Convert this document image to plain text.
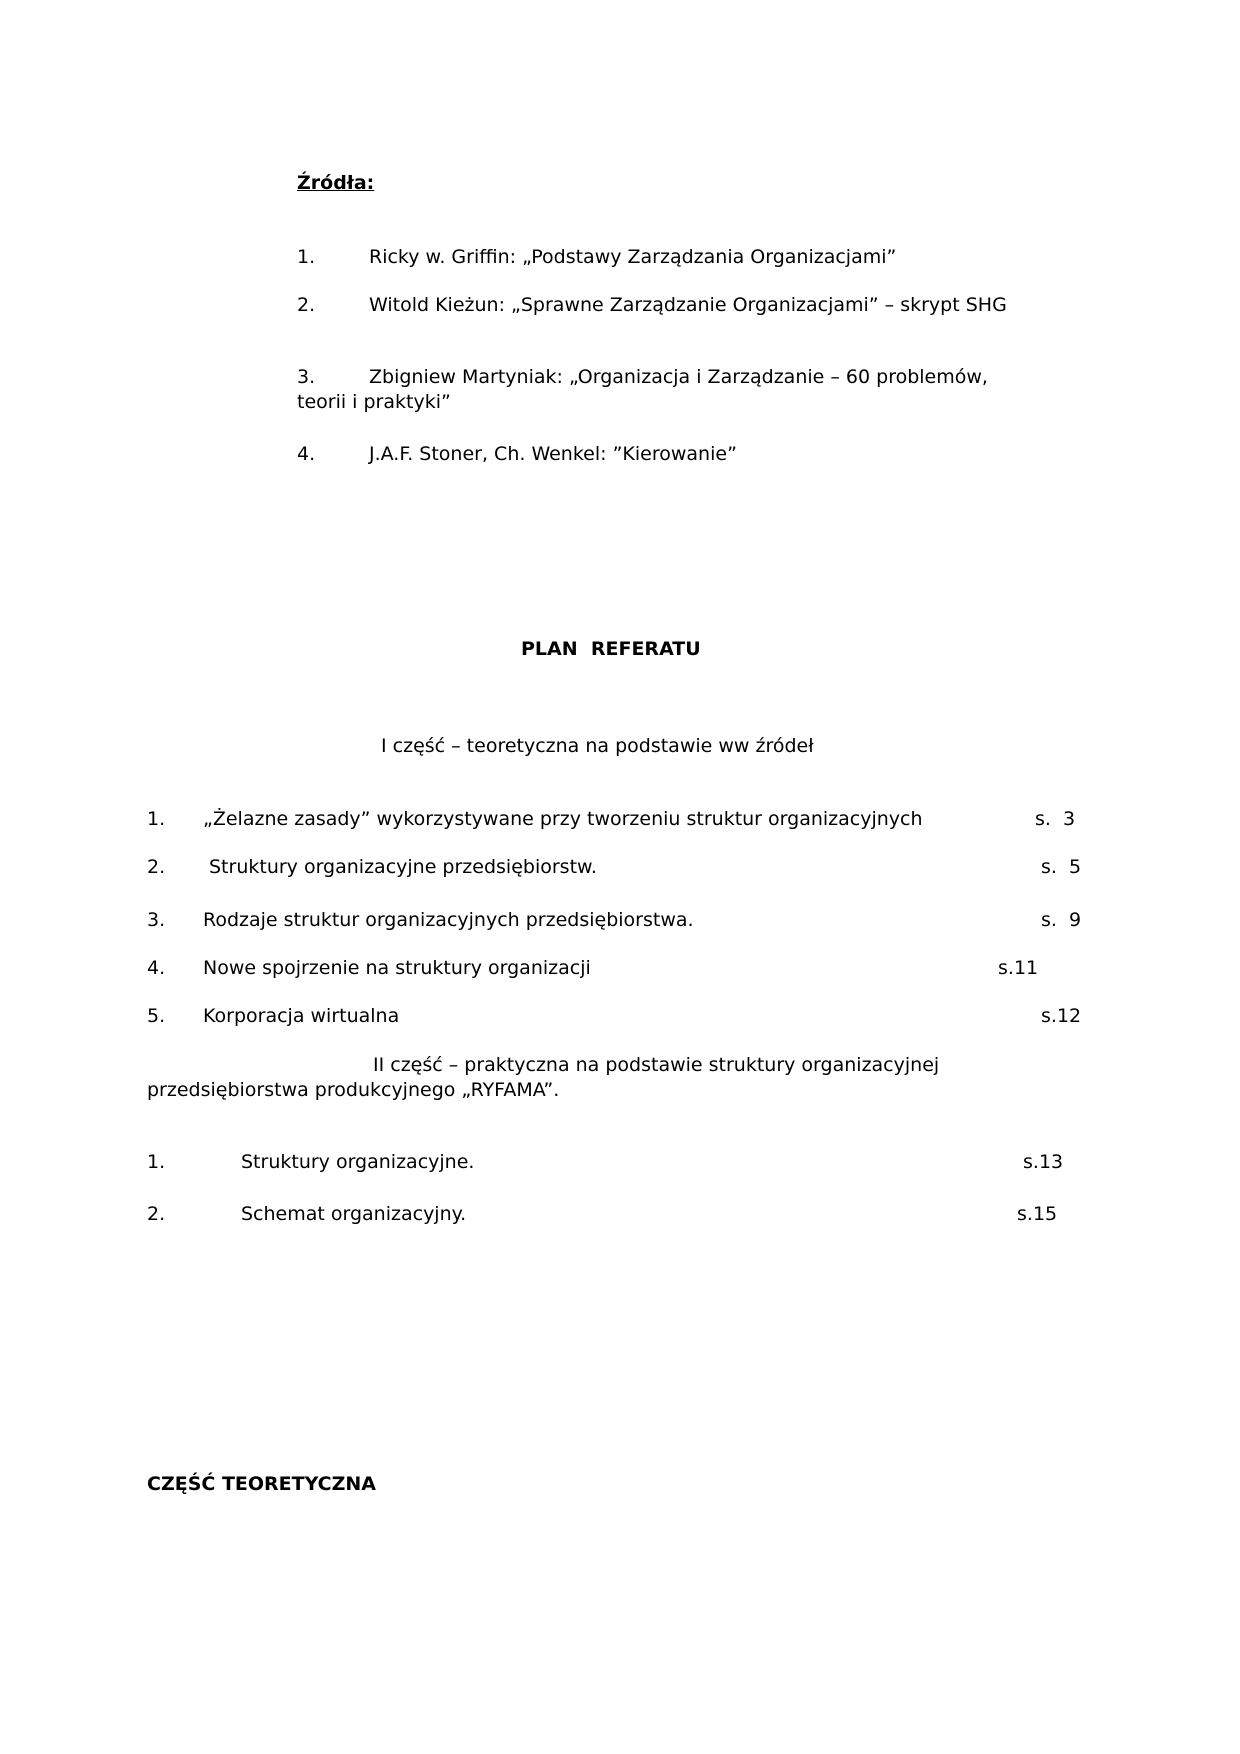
Źródła:
1.	Ricky w. Griffin: „Podstawy Zarządzania Organizacjami”
2.	Witold Kieżun: „Sprawne Zarządzanie Organizacjami” – skrypt SHG
3.	Zbigniew Martyniak: „Organizacja i Zarządzanie – 60 problemów,
teorii i praktyki”
4.	J.A.F. Stoner, Ch. Wenkel: ”Kierowanie”
PLAN  REFERATU
I część – teoretyczna na podstawie ww źródeł
1. „Żelazne zasady” wykorzystywane przy tworzeniu struktur organizacyjnych	s.  3
2. Struktury organizacyjne przedsiębiorstw.	s.  5
3. Rodzaje struktur organizacyjnych przedsiębiorstwa.	s.  9
4. Nowe spojrzenie na struktury organizacji	s.11
5. Korporacja wirtualna	s.12
II część – praktyczna na podstawie struktury organizacyjnej
przedsiębiorstwa produkcyjnego „RYFAMA”.
1.	Struktury organizacyjne.	s.13
2.	Schemat organizacyjny.	s.15
CZĘŚĆ TEORETYCZNA
